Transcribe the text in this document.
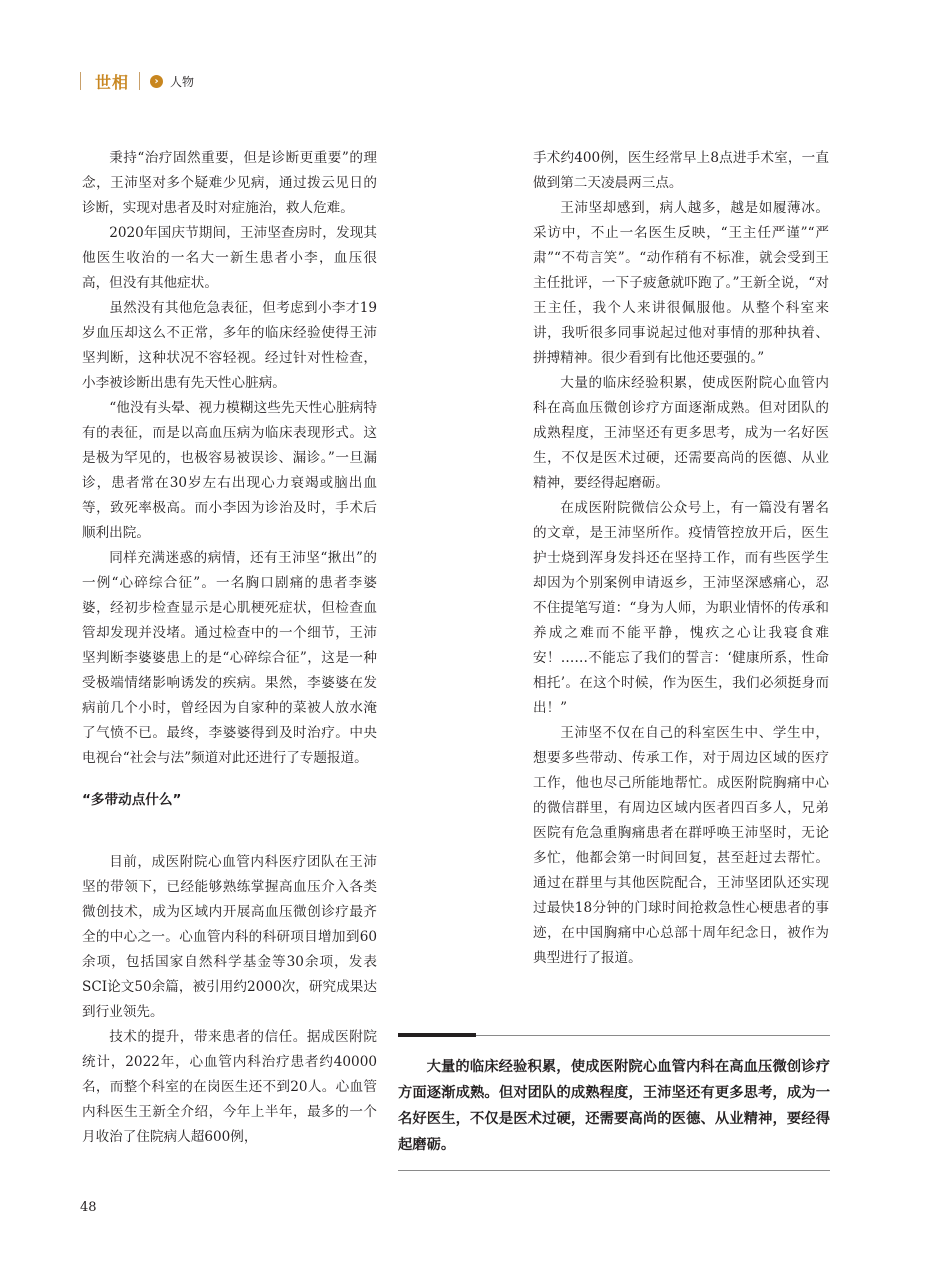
世相	› 人物

秉持“治疗固然重要，但是诊断更重要”的理念，王沛坚对多个疑难少见病，通过拨云见日的诊断，实现对患者及时对症施治，救人危难。

2020年国庆节期间，王沛坚查房时，发现其他医生收治的一名大一新生患者小李，血压很高，但没有其他症状。

虽然没有其他危急表征，但考虑到小李才19岁血压却这么不正常，多年的临床经验使得王沛坚判断，这种状况不容轻视。经过针对性检查，小李被诊断出患有先天性心脏病。

“他没有头晕、视力模糊这些先天性心脏病特有的表征，而是以高血压病为临床表现形式。这是极为罕见的，也极容易被误诊、漏诊。”一旦漏诊，患者常在30岁左右出现心力衰竭或脑出血等，致死率极高。而小李因为诊治及时，手术后顺利出院。

同样充满迷惑的病情，还有王沛坚“揪出”的一例“心碎综合征”。一名胸口剧痛的患者李婆婆，经初步检查显示是心肌梗死症状，但检查血管却发现并没堵。通过检查中的一个细节，王沛坚判断李婆婆患上的是“心碎综合征”，这是一种受极端情绪影响诱发的疾病。果然，李婆婆在发病前几个小时，曾经因为自家种的菜被人放水淹了气愤不已。最终，李婆婆得到及时治疗。中央电视台“社会与法”频道对此还进行了专题报道。

“多带动点什么”

目前，成医附院心血管内科医疗团队在王沛坚的带领下，已经能够熟练掌握高血压介入各类微创技术，成为区域内开展高血压微创诊疗最齐全的中心之一。心血管内科的科研项目增加到60余项，包括国家自然科学基金等30余项，发表SCI论文50余篇，被引用约2000次，研究成果达到行业领先。

技术的提升，带来患者的信任。据成医附院统计，2022年，心血管内科治疗患者约40000名，而整个科室的在岗医生还不到20人。心血管内科医生王新全介绍，今年上半年，最多的一个月收治了住院病人超600例，

手术约400例，医生经常早上8点进手术室，一直做到第二天凌晨两三点。

王沛坚却感到，病人越多，越是如履薄冰。采访中，不止一名医生反映，“王主任严谨”“严肃”“不苟言笑”。“动作稍有不标准，就会受到王主任批评，一下子疲惫就吓跑了。”王新全说，“对王主任，我个人来讲很佩服他。从整个科室来讲，我听很多同事说起过他对事情的那种执着、拼搏精神。很少看到有比他还要强的。”

大量的临床经验积累，使成医附院心血管内科在高血压微创诊疗方面逐渐成熟。但对团队的成熟程度，王沛坚还有更多思考，成为一名好医生，不仅是医术过硬，还需要高尚的医德、从业精神，要经得起磨砺。

在成医附院微信公众号上，有一篇没有署名的文章，是王沛坚所作。疫情管控放开后，医生护士烧到浑身发抖还在坚持工作，而有些医学生却因为个别案例申请返乡，王沛坚深感痛心，忍不住提笔写道：“身为人师，为职业情怀的传承和养成之难而不能平静，愧疚之心让我寝食难安！……不能忘了我们的誓言：‘健康所系，性命相托’。在这个时候，作为医生，我们必须挺身而出！”

王沛坚不仅在自己的科室医生中、学生中，想要多些带动、传承工作，对于周边区域的医疗工作，他也尽己所能地帮忙。成医附院胸痛中心的微信群里，有周边区域内医者四百多人，兄弟医院有危急重胸痛患者在群呼唤王沛坚时，无论多忙，他都会第一时间回复，甚至赶过去帮忙。通过在群里与其他医院配合，王沛坚团队还实现过最快18分钟的门球时间抢救急性心梗患者的事迹，在中国胸痛中心总部十周年纪念日，被作为典型进行了报道。

大量的临床经验积累，使成医附院心血管内科在高血压微创诊疗方面逐渐成熟。但对团队的成熟程度，王沛坚还有更多思考，成为一名好医生，不仅是医术过硬，还需要高尚的医德、从业精神，要经得起磨砺。

48
